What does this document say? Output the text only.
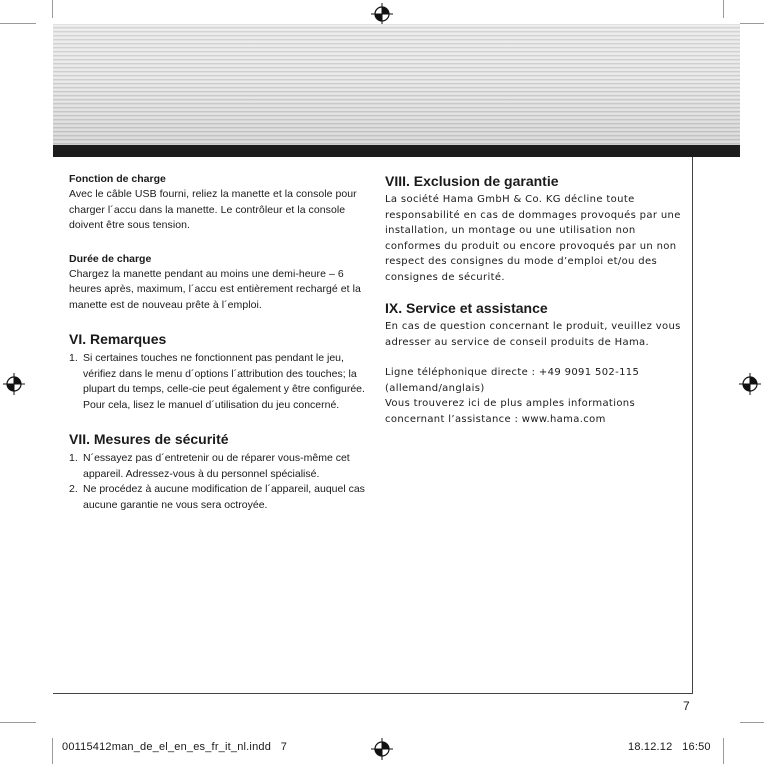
Fonction de charge
Avec le câble USB fourni, reliez la manette et la console pour charger l´accu dans la manette. Le contrôleur et la console doivent être sous tension.
Durée de charge
Chargez la manette pendant au moins une demi-heure – 6 heures après, maximum, l´accu est entièrement rechargé et la manette est de nouveau prête à l´emploi.
VI. Remarques
1. Si certaines touches ne fonctionnent pas pendant le jeu, vérifiez dans le menu d´options l´attribution des touches; la plupart du temps, celle-cie peut également y être configurée. Pour cela, lisez le manuel d´utilisation du jeu concerné.
VII. Mesures de sécurité
1. N´essayez pas d´entretenir ou de réparer vous-même cet appareil. Adressez-vous à du personnel spécialisé.
2. Ne procédez à aucune modification de l´appareil, auquel cas aucune garantie ne vous sera octroyée.
VIII. Exclusion de garantie
La société Hama GmbH & Co. KG décline toute responsabilité en cas de dommages provoqués par une installation, un montage ou une utilisation non conformes du produit ou encore provoqués par un non respect des consignes du mode d’emploi et/ou des consignes de sécurité.
IX. Service et assistance
En cas de question concernant le produit, veuillez vous adresser au service de conseil produits de Hama.
Ligne téléphonique directe : +49 9091 502-115 (allemand/anglais)
Vous trouverez ici de plus amples informations concernant l’assistance : www.hama.com
7
00115412man_de_el_en_es_fr_it_nl.indd   7	18.12.12   16:50
